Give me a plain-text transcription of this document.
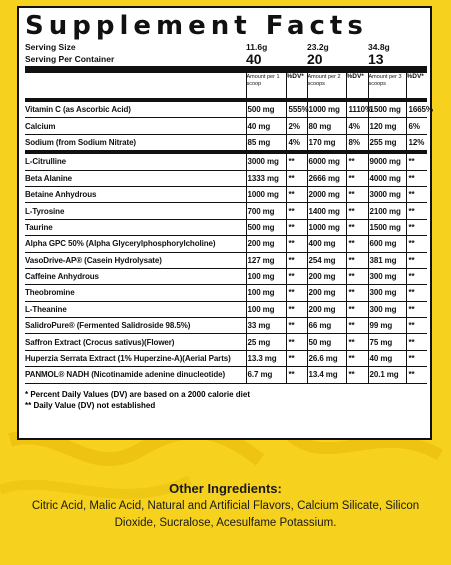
Supplement Facts
Serving Size	11.6g		23.2g		34.8g	
Serving Per Container	40		20		13	

	Amount per 1 scoop	%DV*	Amount per 2 scoops	%DV*	Amount per 3 scoops	%DV*

Vitamin C (as Ascorbic Acid)	500 mg	555%	1000 mg	1110%	1500 mg	1665%
Calcium	40 mg	2%	80 mg	4%	120 mg	6%
Sodium (from Sodium Nitrate)	85 mg	4%	170 mg	8%	255 mg	12%
L-Citrulline	3000 mg	**	6000 mg	**	9000 mg	**
Beta Alanine	1333 mg	**	2666 mg	**	4000 mg	**
Betaine Anhydrous	1000 mg	**	2000 mg	**	3000 mg	**
L-Tyrosine	700 mg	**	1400 mg	**	2100 mg	**
Taurine	500 mg	**	1000 mg	**	1500 mg	**
Alpha GPC 50% (Alpha Glycerylphosphorylcholine)	200 mg	**	400 mg	**	600 mg	**
VasoDrive-AP® (Casein Hydrolysate)	127 mg	**	254 mg	**	381 mg	**
Caffeine Anhydrous	100 mg	**	200 mg	**	300 mg	**
Theobromine	100 mg	**	200 mg	**	300 mg	**
L-Theanine	100 mg	**	200 mg	**	300 mg	**
SalidroPure® (Fermented Salidroside 98.5%)	33 mg	**	66 mg	**	99 mg	**
Saffron Extract (Crocus sativus)(Flower)	25 mg	**	50 mg	**	75 mg	**
Huperzia Serrata Extract (1% Huperzine-A)(Aerial Parts)	13.3 mg	**	26.6 mg	**	40 mg	**
PANMOL® NADH (Nicotinamide adenine dinucleotide)	6.7 mg	**	13.4 mg	**	20.1 mg	**
* Percent Daily Values (DV) are based on a 2000 calorie diet
** Daily Value (DV) not established
Other Ingredients:
Citric Acid, Malic Acid, Natural and Artificial Flavors, Calcium Silicate, Silicon Dioxide, Sucralose, Acesulfame Potassium.
